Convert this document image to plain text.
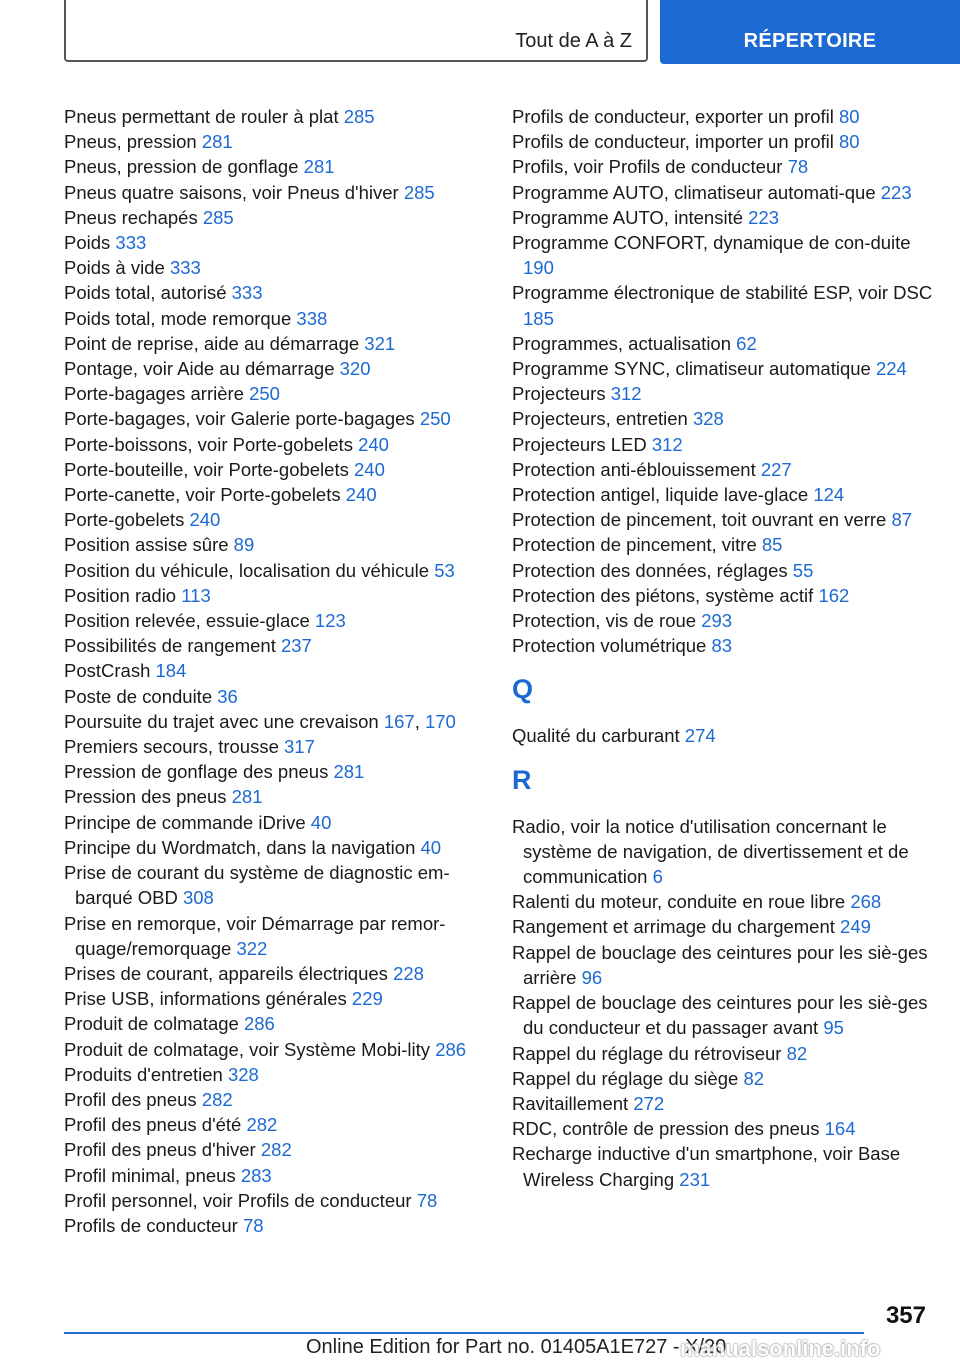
Tout de A à Z	RÉPERTOIRE
Pneus permettant de rouler à plat 285
Pneus, pression 281
Pneus, pression de gonflage 281
Pneus quatre saisons, voir Pneus d'hiver 285
Pneus rechapés 285
Poids 333
Poids à vide 333
Poids total, autorisé 333
Poids total, mode remorque 338
Point de reprise, aide au démarrage 321
Pontage, voir Aide au démarrage 320
Porte-bagages arrière 250
Porte-bagages, voir Galerie porte-bagages 250
Porte-boissons, voir Porte-gobelets 240
Porte-bouteille, voir Porte-gobelets 240
Porte-canette, voir Porte-gobelets 240
Porte-gobelets 240
Position assise sûre 89
Position du véhicule, localisation du véhicule 53
Position radio 113
Position relevée, essuie-glace 123
Possibilités de rangement 237
PostCrash 184
Poste de conduite 36
Poursuite du trajet avec une crevaison 167, 170
Premiers secours, trousse 317
Pression de gonflage des pneus 281
Pression des pneus 281
Principe de commande iDrive 40
Principe du Wordmatch, dans la navigation 40
Prise de courant du système de diagnostic em-barqué OBD 308
Prise en remorque, voir Démarrage par remor-quage/remorquage 322
Prises de courant, appareils électriques 228
Prise USB, informations générales 229
Produit de colmatage 286
Produit de colmatage, voir Système Mobi-lity 286
Produits d'entretien 328
Profil des pneus 282
Profil des pneus d'été 282
Profil des pneus d'hiver 282
Profil minimal, pneus 283
Profil personnel, voir Profils de conducteur 78
Profils de conducteur 78
Profils de conducteur, exporter un profil 80
Profils de conducteur, importer un profil 80
Profils, voir Profils de conducteur 78
Programme AUTO, climatiseur automati-que 223
Programme AUTO, intensité 223
Programme CONFORT, dynamique de con-duite 190
Programme électronique de stabilité ESP, voir DSC 185
Programmes, actualisation 62
Programme SYNC, climatiseur automatique 224
Projecteurs 312
Projecteurs, entretien 328
Projecteurs LED 312
Protection anti-éblouissement 227
Protection antigel, liquide lave-glace 124
Protection de pincement, toit ouvrant en verre 87
Protection de pincement, vitre 85
Protection des données, réglages 55
Protection des piétons, système actif 162
Protection, vis de roue 293
Protection volumétrique 83
Q
Qualité du carburant 274
R
Radio, voir la notice d'utilisation concernant le système de navigation, de divertissement et de communication 6
Ralenti du moteur, conduite en roue libre 268
Rangement et arrimage du chargement 249
Rappel de bouclage des ceintures pour les siè-ges arrière 96
Rappel de bouclage des ceintures pour les siè-ges du conducteur et du passager avant 95
Rappel du réglage du rétroviseur 82
Rappel du réglage du siège 82
Ravitaillement 272
RDC, contrôle de pression des pneus 164
Recharge inductive d'un smartphone, voir Base Wireless Charging 231
357
Online Edition for Part no. 01405A1E727 - X/20
manualsonline.info
